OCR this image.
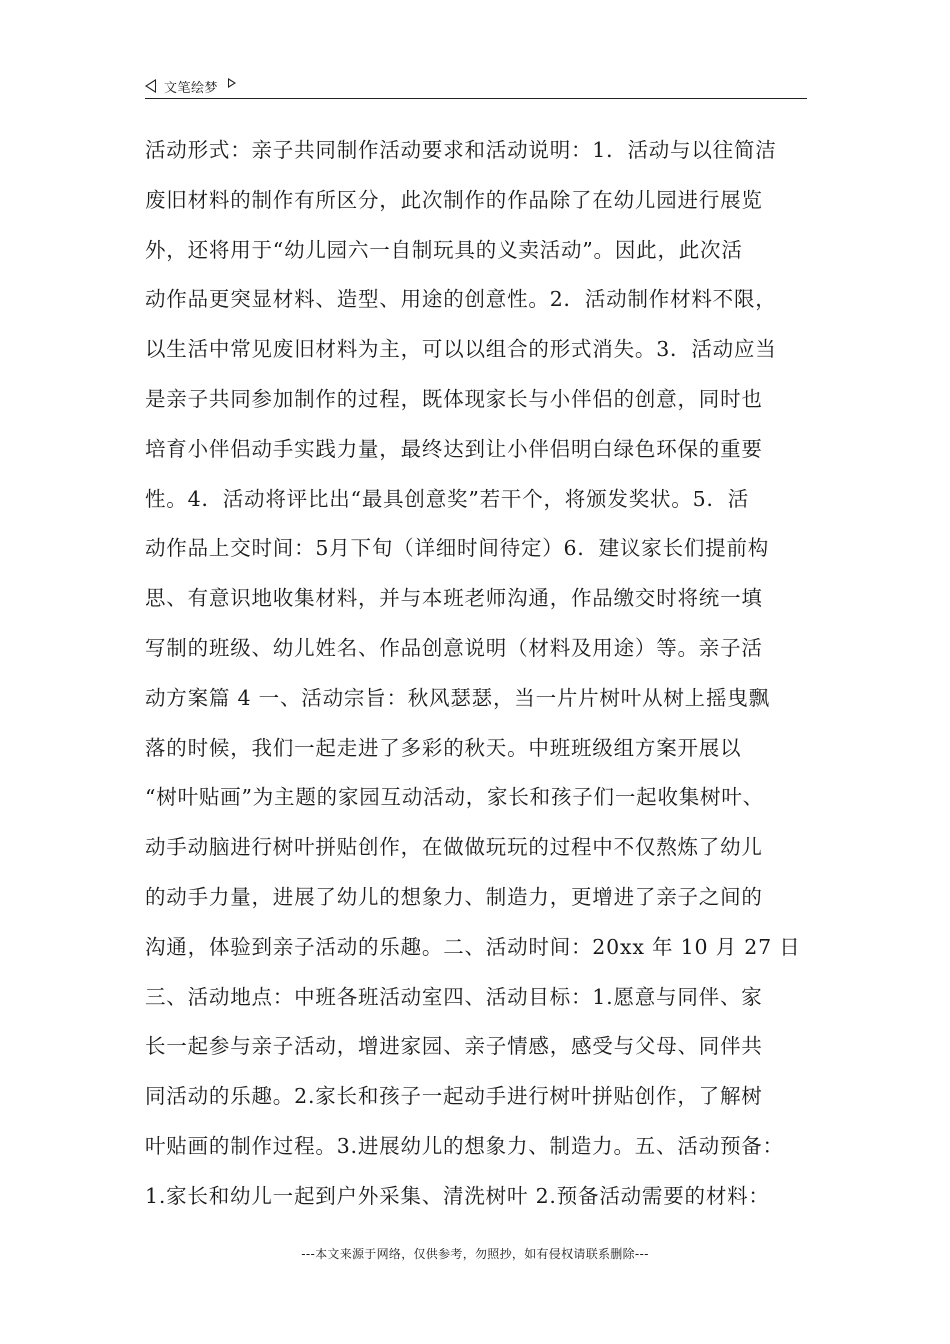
文笔绘梦
活动形式：亲子共同制作活动要求和活动说明：1．活动与以往简洁
废旧材料的制作有所区分，此次制作的作品除了在幼儿园进行展览
外，还将用于“幼儿园六一自制玩具的义卖活动”。因此，此次活
动作品更突显材料、造型、用途的创意性。2．活动制作材料不限，
以生活中常见废旧材料为主，可以以组合的形式消失。3．活动应当
是亲子共同参加制作的过程，既体现家长与小伴侣的创意，同时也
培育小伴侣动手实践力量，最终达到让小伴侣明白绿色环保的重要
性。4．活动将评比出“最具创意奖”若干个，将颁发奖状。5．活
动作品上交时间：5月下旬（详细时间待定）6．建议家长们提前构
思、有意识地收集材料，并与本班老师沟通，作品缴交时将统一填
写制的班级、幼儿姓名、作品创意说明（材料及用途）等。亲子活
动方案篇 4 一、活动宗旨：秋风瑟瑟，当一片片树叶从树上摇曳飘
落的时候，我们一起走进了多彩的秋天。中班班级组方案开展以
“树叶贴画”为主题的家园互动活动，家长和孩子们一起收集树叶、
动手动脑进行树叶拼贴创作，在做做玩玩的过程中不仅熬炼了幼儿
的动手力量，进展了幼儿的想象力、制造力，更增进了亲子之间的
沟通，体验到亲子活动的乐趣。二、活动时间：20xx 年 10 月 27 日
三、活动地点：中班各班活动室四、活动目标：1.愿意与同伴、家
长一起参与亲子活动，增进家园、亲子情感，感受与父母、同伴共
同活动的乐趣。2.家长和孩子一起动手进行树叶拼贴创作，了解树
叶贴画的制作过程。3.进展幼儿的想象力、制造力。五、活动预备：
1.家长和幼儿一起到户外采集、清洗树叶 2.预备活动需要的材料：
---本文来源于网络，仅供参考，勿照抄，如有侵权请联系删除---
